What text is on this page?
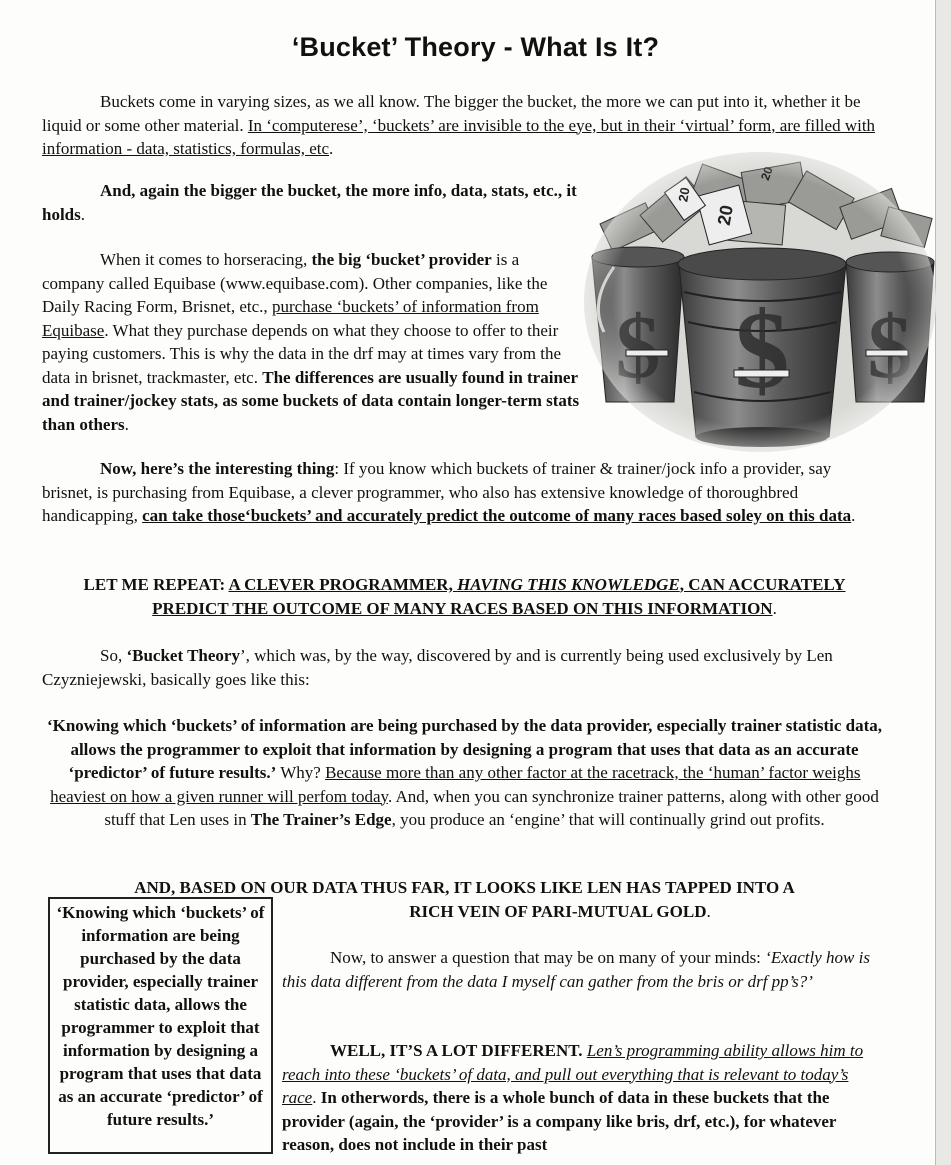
‘Bucket’ Theory - What Is It?

Buckets come in varying sizes, as we all know. The bigger the bucket, the more we can put into it, whether it be liquid or some other material. In ‘computerese’, ‘buckets’ are invisible to the eye, but in their ‘virtual’ form, are filled with information - data, statistics, formulas, etc.

And, again the bigger the bucket, the more info, data, stats, etc., it holds.

When it comes to horseracing, the big ‘bucket’ provider is a company called Equibase (www.equibase.com). Other companies, like the Daily Racing Form, Brisnet, etc., purchase ‘buckets’ of information from Equibase. What they purchase depends on what they choose to offer to their paying customers. This is why the data in the drf may at times vary from the data in brisnet, trackmaster, etc. The differences are usually found in trainer and trainer/jockey stats, as some buckets of data contain longer-term stats than others.

Now, here’s the interesting thing: If you know which buckets of trainer & trainer/jock info a provider, say brisnet, is purchasing from Equibase, a clever programmer, who also has extensive knowledge of thoroughbred handicapping, can take those‘buckets’ and accurately predict the outcome of many races based soley on this data.

LET ME REPEAT: A CLEVER PROGRAMMER, HAVING THIS KNOWLEDGE, CAN ACCURATELY PREDICT THE OUTCOME OF MANY RACES BASED ON THIS INFORMATION.

So, ‘Bucket Theory’, which was, by the way, discovered by and is currently being used exclusively by Len Czyzniejewski, basically goes like this:

‘Knowing which ‘buckets’ of information are being purchased by the data provider, especially trainer statistic data, allows the programmer to exploit that information by designing a program that uses that data as an accurate ‘predictor’ of future results.’ Why? Because more than any other factor at the racetrack, the ‘human’ factor weighs heaviest on how a given runner will perfom today. And, when you can synchronize trainer patterns, along with other good stuff that Len uses in The Trainer’s Edge, you produce an ‘engine’ that will continually grind out profits.

AND, BASED ON OUR DATA THUS FAR, IT LOOKS LIKE LEN HAS TAPPED INTO A

RICH VEIN OF PARI-MUTUAL GOLD.

‘Knowing which ‘buckets’ of information are being purchased by the data provider, especially trainer statistic data, allows the programmer to exploit that information by designing a program that uses that data as an accurate ‘predictor’ of future results.’

Now, to answer a question that may be on many of your minds: ‘Exactly how is this data different from the data I myself can gather from the bris or drf pp’s?’

WELL, IT’S A LOT DIFFERENT. Len’s programming ability allows him to reach into these ‘buckets’ of data, and pull out everything that is relevant to today’s race. In otherwords, there is a whole bunch of data in these buckets that the provider (again, the ‘provider’ is a company like bris, drf, etc.), for whatever reason, does not include in their past
